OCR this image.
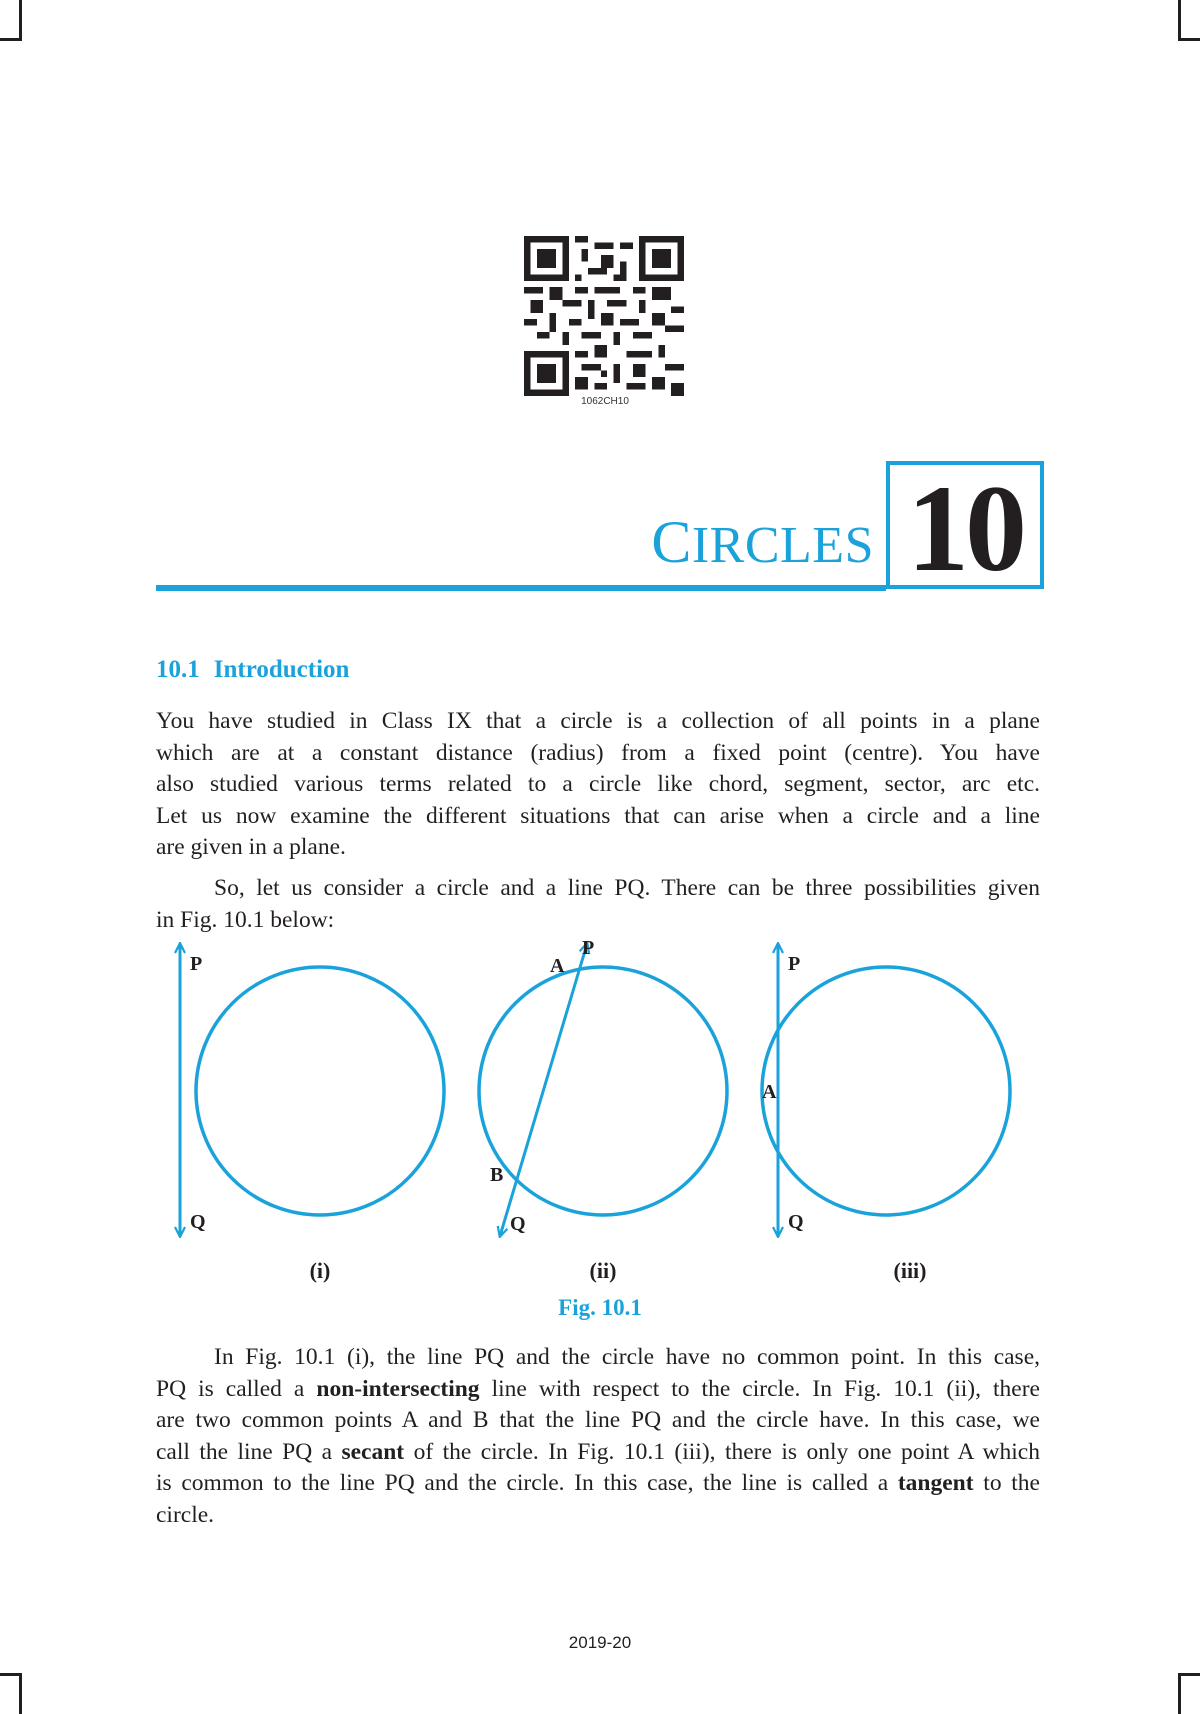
1062CH10
CIRCLES 10
10.1 Introduction
You have studied in Class IX that a circle is a collection of all points in a plane
which are at a constant distance (radius) from a fixed point (centre). You have
also studied various terms related to a circle like chord, segment, sector, arc etc.
Let us now examine the different situations that can arise when a circle and a line
are given in a plane.
So, let us consider a circle and a line PQ. There can be three possibilities given
in Fig. 10.1 below:
P
Q
A
P
B
Q
P
A
Q
(i)	(ii)	(iii)
Fig. 10.1
In Fig. 10.1 (i), the line PQ and the circle have no common point. In this case,
PQ is called a non-intersecting line with respect to the circle. In Fig. 10.1 (ii), there
are two common points A and B that the line PQ and the circle have. In this case, we
call the line PQ a secant of the circle. In Fig. 10.1 (iii), there is only one point A which
is common to the line PQ and the circle. In this case, the line is called a tangent to the
circle.
2019-20
